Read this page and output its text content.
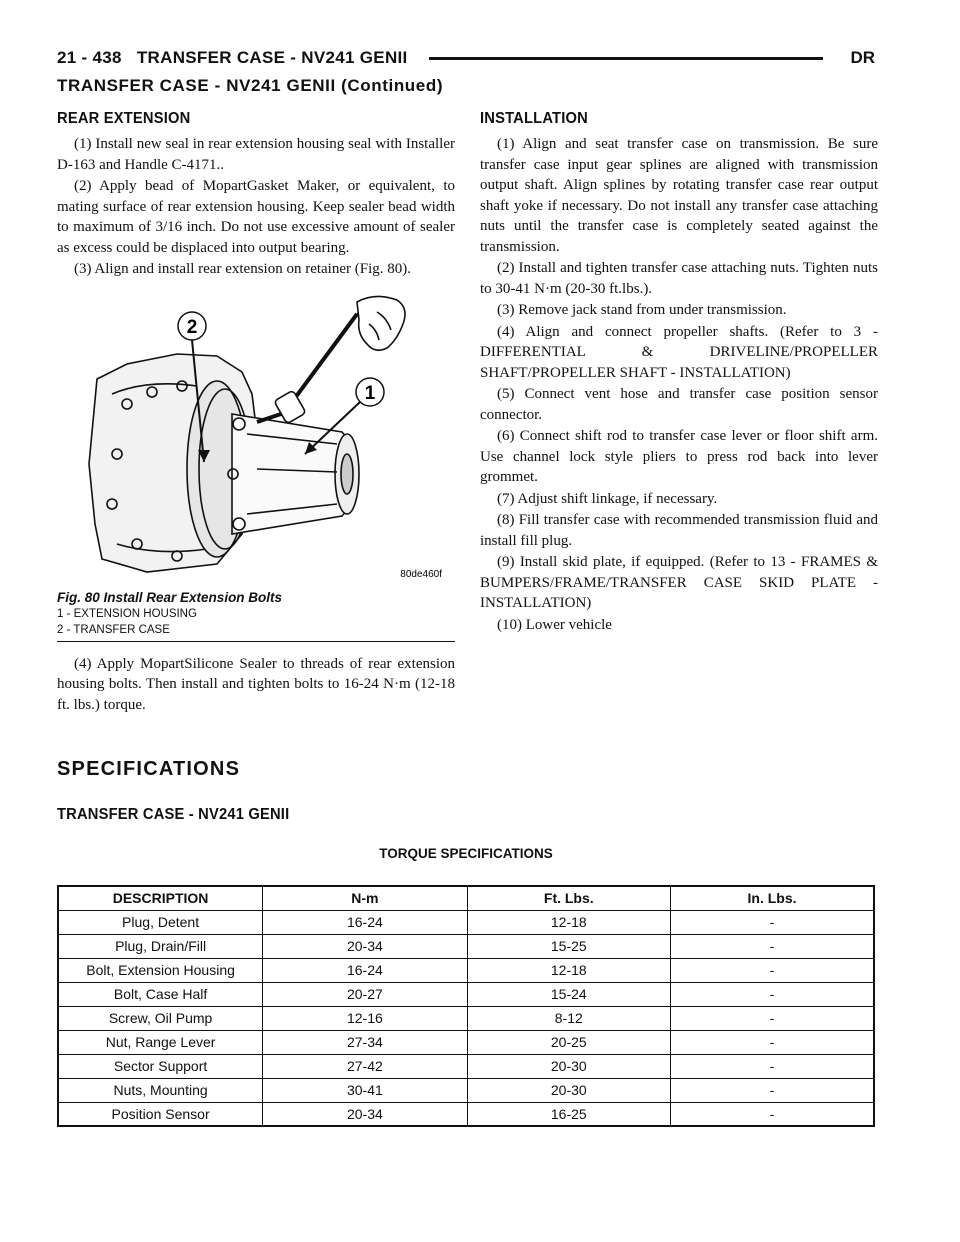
21 - 438 TRANSFER CASE - NV241 GENII	DR
TRANSFER CASE - NV241 GENII (Continued)
REAR EXTENSION

(1) Install new seal in rear extension housing seal with Installer D-163 and Handle C-4171..

(2) Apply bead of MopartGasket Maker, or equivalent, to mating surface of rear extension housing. Keep sealer bead width to maximum of 3/16 inch. Do not use excessive amount of sealer as excess could be displaced into output bearing.

(3) Align and install rear extension on retainer (Fig. 80).

2
1
80de460f
Fig. 80 Install Rear Extension Bolts
1 - EXTENSION HOUSING
2 - TRANSFER CASE

(4) Apply MopartSilicone Sealer to threads of rear extension housing bolts. Then install and tighten bolts to 16-24 N·m (12-18 ft. lbs.) torque.

INSTALLATION

(1) Align and seat transfer case on transmission. Be sure transfer case input gear splines are aligned with transmission output shaft. Align splines by rotating transfer case rear output shaft yoke if necessary. Do not install any transfer case attaching nuts until the transfer case is completely seated against the transmission.

(2) Install and tighten transfer case attaching nuts. Tighten nuts to 30-41 N·m (20-30 ft.lbs.).

(3) Remove jack stand from under transmission.

(4) Align and connect propeller shafts. (Refer to 3 - DIFFERENTIAL & DRIVELINE/PROPELLER SHAFT/PROPELLER SHAFT - INSTALLATION)

(5) Connect vent hose and transfer case position sensor connector.

(6) Connect shift rod to transfer case lever or floor shift arm. Use channel lock style pliers to press rod back into lever grommet.

(7) Adjust shift linkage, if necessary.

(8) Fill transfer case with recommended transmission fluid and install fill plug.

(9) Install skid plate, if equipped. (Refer to 13 - FRAMES & BUMPERS/FRAME/TRANSFER CASE SKID PLATE - INSTALLATION)

(10) Lower vehicle

SPECIFICATIONS
TRANSFER CASE - NV241 GENII
TORQUE SPECIFICATIONS
DESCRIPTION	N-m	Ft. Lbs.	In. Lbs.
Plug, Detent	16-24	12-18	-
Plug, Drain/Fill	20-34	15-25	-
Bolt, Extension Housing	16-24	12-18	-
Bolt, Case Half	20-27	15-24	-
Screw, Oil Pump	12-16	8-12	-
Nut, Range Lever	27-34	20-25	-
Sector Support	27-42	20-30	-
Nuts, Mounting	30-41	20-30	-
Position Sensor	20-34	16-25	-
